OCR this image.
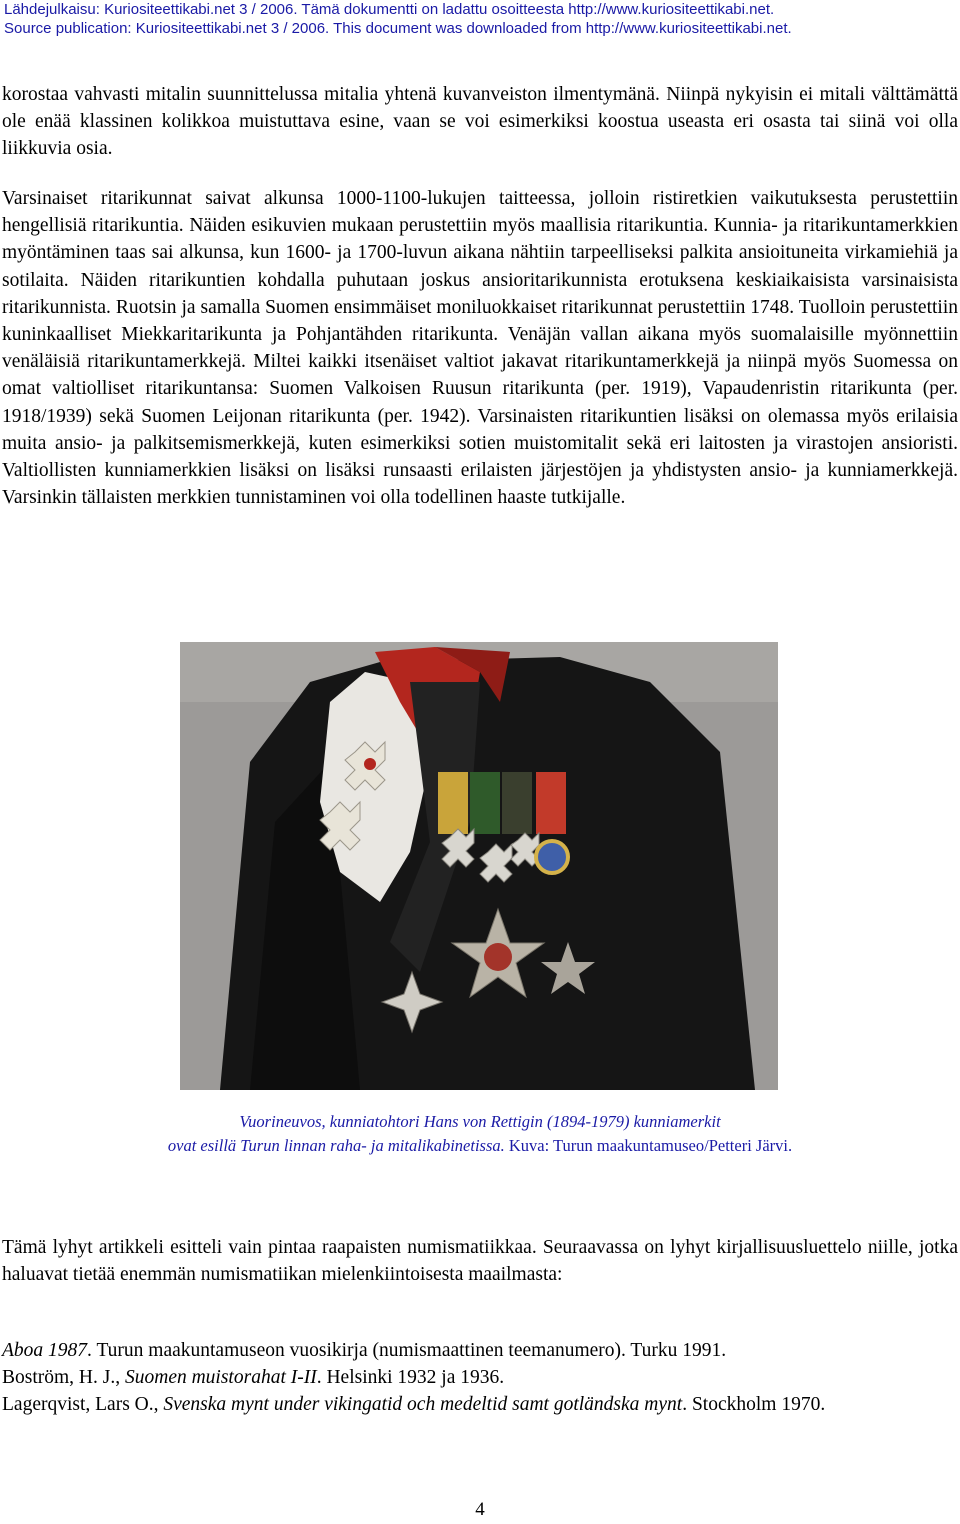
Lähdejulkaisu: Kuriositeettikabi.net 3 / 2006. Tämä dokumentti on ladattu osoitteesta http://www.kuriositeettikabi.net.
Source publication: Kuriositeettikabi.net 3 / 2006. This document was downloaded from http://www.kuriositeettikabi.net.

korostaa vahvasti mitalin suunnittelussa mitalia yhtenä kuvanveiston ilmentymänä. Niinpä nykyisin ei mitali välttämättä ole enää klassinen kolikkoa muistuttava esine, vaan se voi esimerkiksi koostua useasta eri osasta tai siinä voi olla liikkuvia osia.

Varsinaiset ritarikunnat saivat alkunsa 1000-1100-lukujen taitteessa, jolloin ristiretkien vaikutuksesta perustettiin hengellisiä ritarikuntia. Näiden esikuvien mukaan perustettiin myös maallisia ritarikuntia. Kunnia- ja ritarikuntamerkkien myöntäminen taas sai alkunsa, kun 1600- ja 1700-luvun aikana nähtiin tarpeelliseksi palkita ansioituneita virkamiehiä ja sotilaita. Näiden ritarikuntien kohdalla puhutaan joskus ansioritarikunnista erotuksena keskiaikaisista varsinaisista ritarikunnista. Ruotsin ja samalla Suomen ensimmäiset moniluokkaiset ritarikunnat perustettiin 1748. Tuolloin perustettiin kuninkaalliset Miekkaritarikunta ja Pohjantähden ritarikunta. Venäjän vallan aikana myös suomalaisille myönnettiin venäläisiä ritarikuntamerkkejä. Miltei kaikki itsenäiset valtiot jakavat ritarikuntamerkkejä ja niinpä myös Suomessa on omat valtiolliset ritarikuntansa: Suomen Valkoisen Ruusun ritarikunta (per. 1919), Vapaudenristin ritarikunta (per. 1918/1939) sekä Suomen Leijonan ritarikunta (per. 1942). Varsinaisten ritarikuntien lisäksi on olemassa myös erilaisia muita ansio- ja palkitsemismerkkejä, kuten esimerkiksi sotien muistomitalit sekä eri laitosten ja virastojen ansioristi. Valtiollisten kunniamerkkien lisäksi on lisäksi runsaasti erilaisten järjestöjen ja yhdistysten ansio- ja kunniamerkkejä. Varsinkin tällaisten merkkien tunnistaminen voi olla todellinen haaste tutkijalle.

Vuorineuvos, kunniatohtori Hans von Rettigin (1894-1979) kunniamerkit
ovat esillä Turun linnan raha- ja mitalikabinetissa. Kuva: Turun maakuntamuseo/Petteri Järvi.

Tämä lyhyt artikkeli esitteli vain pintaa raapaisten numismatiikkaa. Seuraavassa on lyhyt kirjallisuusluettelo niille, jotka haluavat tietää enemmän numismatiikan mielenkiintoisesta maailmasta:

Aboa 1987. Turun maakuntamuseon vuosikirja (numismaattinen teemanumero). Turku 1991.

Boström, H. J., Suomen muistorahat I-II. Helsinki 1932 ja 1936.

Lagerqvist, Lars O., Svenska mynt under vikingatid och medeltid samt gotländska mynt. Stockholm 1970.

4
